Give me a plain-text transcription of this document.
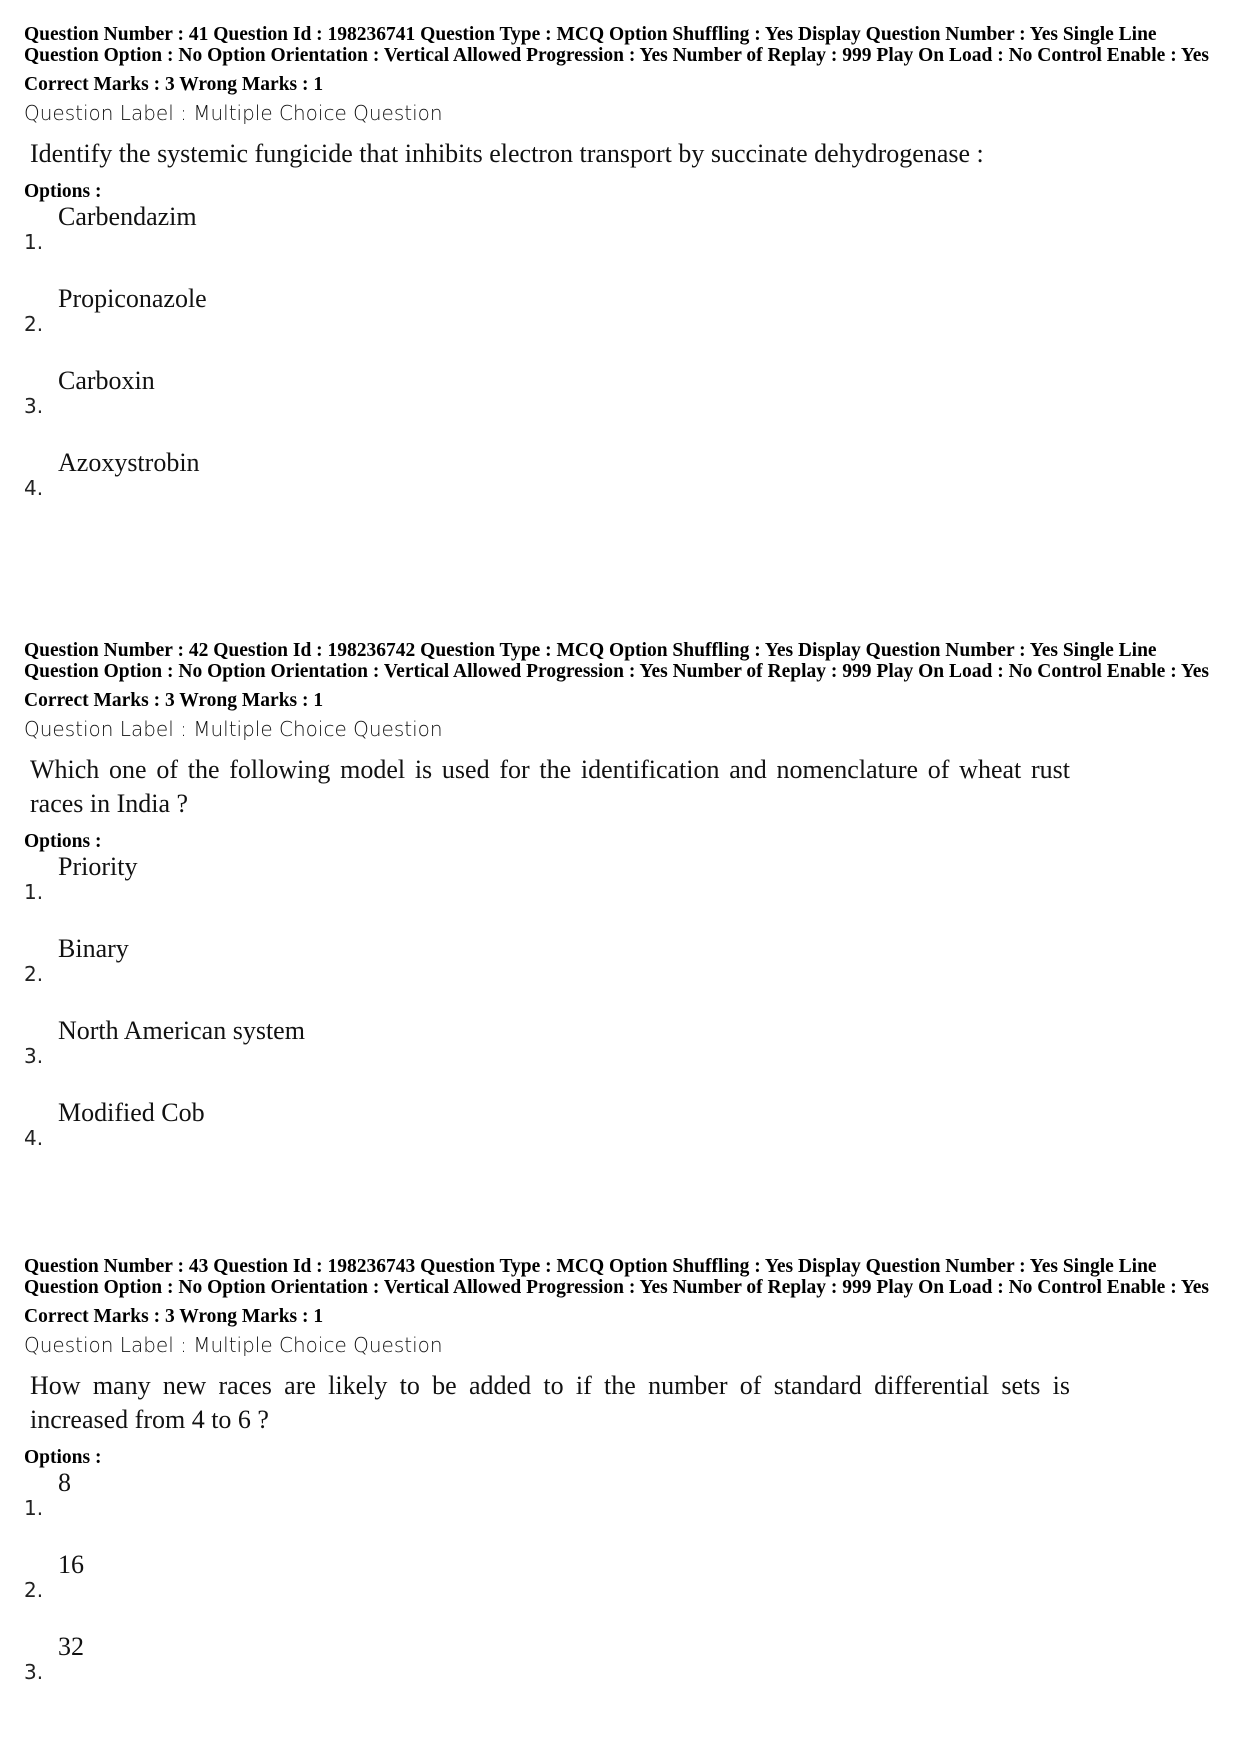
Question Number : 41 Question Id : 198236741 Question Type : MCQ Option Shuffling : Yes Display Question Number : Yes Single Line Question Option : No Option Orientation : Vertical Allowed Progression : Yes Number of Replay : 999 Play On Load : No Control Enable : Yes

Correct Marks : 3 Wrong Marks : 1

Question Label : Multiple Choice Question

Identify the systemic fungicide that inhibits electron transport by succinate dehydrogenase :

Options :

1.
Carbendazim
2.
Propiconazole
3.
Carboxin
4.
Azoxystrobin

Question Number : 42 Question Id : 198236742 Question Type : MCQ Option Shuffling : Yes Display Question Number : Yes Single Line Question Option : No Option Orientation : Vertical Allowed Progression : Yes Number of Replay : 999 Play On Load : No Control Enable : Yes

Correct Marks : 3 Wrong Marks : 1

Question Label : Multiple Choice Question

Which one of the following model is used for the identification and nomenclature of wheat rust races in India ?

Options :

1.
Priority
2.
Binary
3.
North American system
4.
Modified Cob

Question Number : 43 Question Id : 198236743 Question Type : MCQ Option Shuffling : Yes Display Question Number : Yes Single Line Question Option : No Option Orientation : Vertical Allowed Progression : Yes Number of Replay : 999 Play On Load : No Control Enable : Yes

Correct Marks : 3 Wrong Marks : 1

Question Label : Multiple Choice Question

How many new races are likely to be added to if the number of standard differential sets is increased from 4 to 6 ?

Options :

1.
8
2.
16
3.
32
